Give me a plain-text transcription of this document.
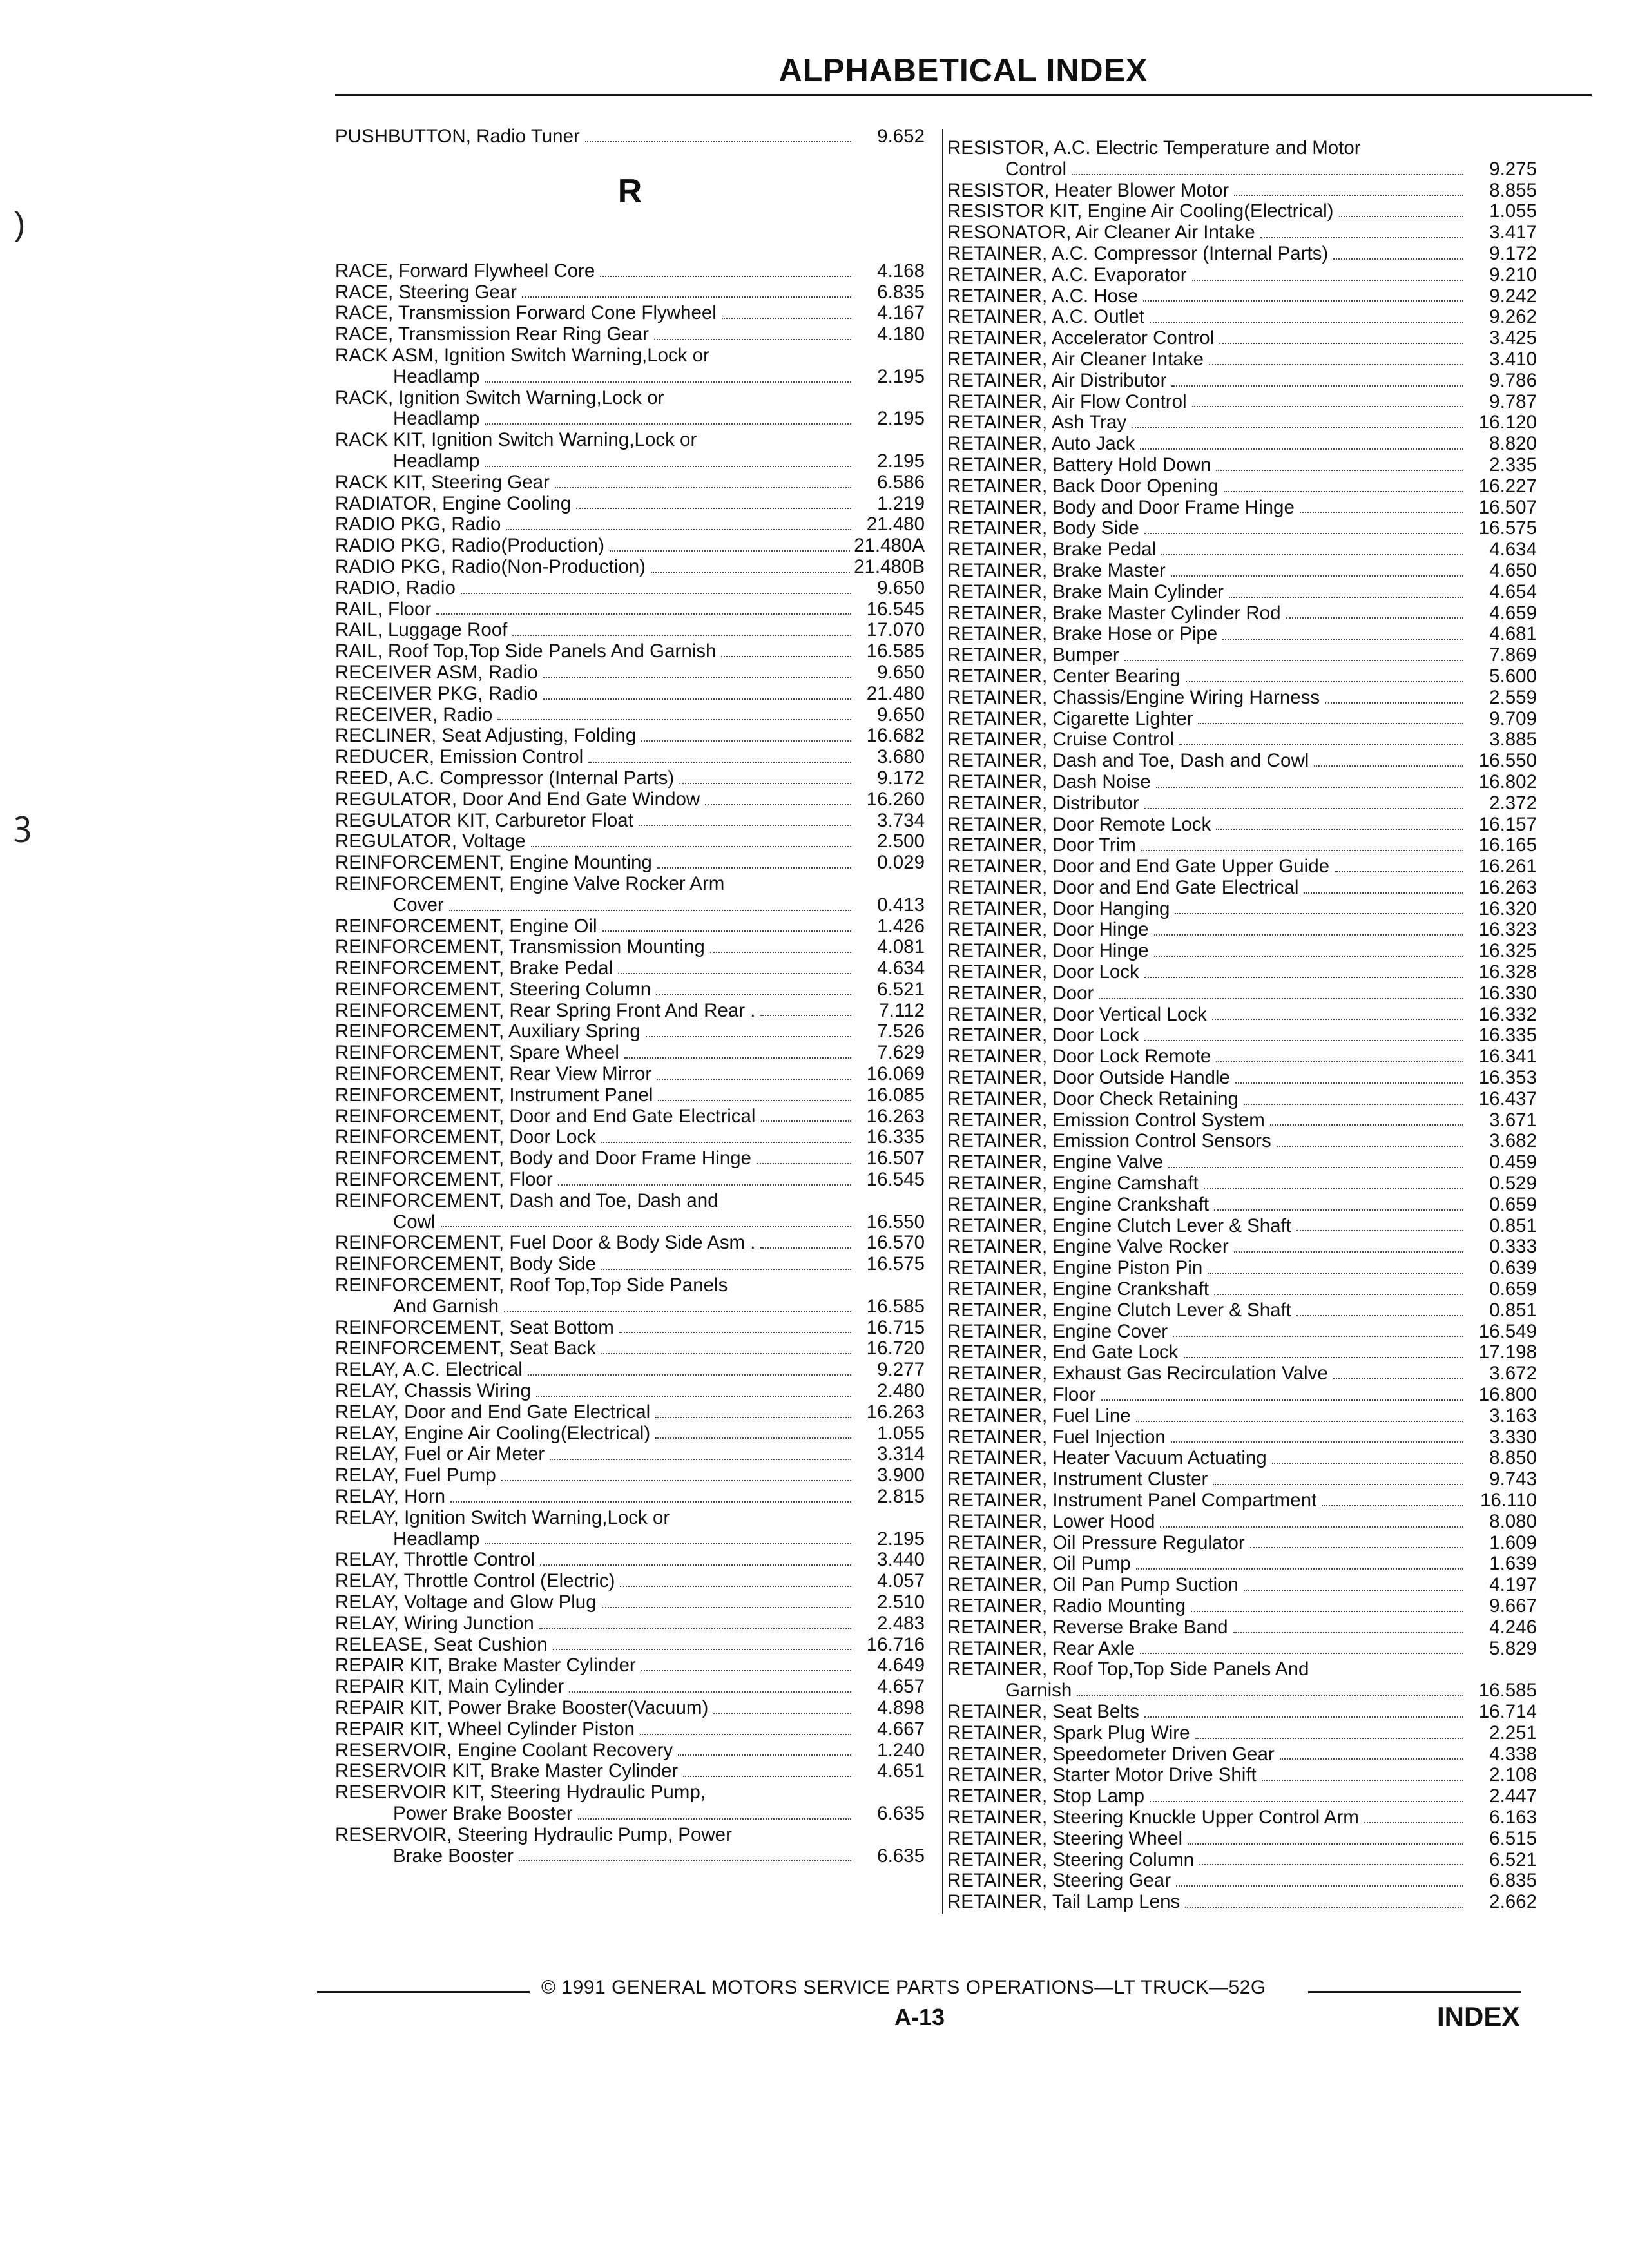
)
ꝫ
ALPHABETICAL INDEX
PUSHBUTTON, Radio Tuner	9.652
R
RACE, Forward Flywheel Core	4.168
RACE, Steering Gear	6.835
RACE, Transmission Forward Cone Flywheel	4.167
RACE, Transmission Rear Ring Gear	4.180
RACK ASM, Ignition Switch Warning,Lock or
Headlamp	2.195
RACK, Ignition Switch Warning,Lock or
Headlamp	2.195
RACK KIT, Ignition Switch Warning,Lock or
Headlamp	2.195
RACK KIT, Steering Gear	6.586
RADIATOR, Engine Cooling	1.219
RADIO PKG, Radio	21.480
RADIO PKG, Radio(Production)	21.480A
RADIO PKG, Radio(Non-Production)	21.480B
RADIO, Radio	9.650
RAIL, Floor	16.545
RAIL, Luggage Roof	17.070
RAIL, Roof Top,Top Side Panels And Garnish	16.585
RECEIVER ASM, Radio	9.650
RECEIVER PKG, Radio	21.480
RECEIVER, Radio	9.650
RECLINER, Seat Adjusting, Folding	16.682
REDUCER, Emission Control	3.680
REED, A.C. Compressor (Internal Parts)	9.172
REGULATOR, Door And End Gate Window	16.260
REGULATOR KIT, Carburetor Float	3.734
REGULATOR, Voltage	2.500
REINFORCEMENT, Engine Mounting	0.029
REINFORCEMENT, Engine Valve Rocker Arm
Cover	0.413
REINFORCEMENT, Engine Oil	1.426
REINFORCEMENT, Transmission Mounting	4.081
REINFORCEMENT, Brake Pedal	4.634
REINFORCEMENT, Steering Column	6.521
REINFORCEMENT, Rear Spring Front And Rear .	7.112
REINFORCEMENT, Auxiliary Spring	7.526
REINFORCEMENT, Spare Wheel	7.629
REINFORCEMENT, Rear View Mirror	16.069
REINFORCEMENT, Instrument Panel	16.085
REINFORCEMENT, Door and End Gate Electrical	16.263
REINFORCEMENT, Door Lock	16.335
REINFORCEMENT, Body and Door Frame Hinge	16.507
REINFORCEMENT, Floor	16.545
REINFORCEMENT, Dash and Toe, Dash and
Cowl	16.550
REINFORCEMENT, Fuel Door & Body Side Asm .	16.570
REINFORCEMENT, Body Side	16.575
REINFORCEMENT, Roof Top,Top Side Panels
And Garnish	16.585
REINFORCEMENT, Seat Bottom	16.715
REINFORCEMENT, Seat Back	16.720
RELAY, A.C. Electrical	9.277
RELAY, Chassis Wiring	2.480
RELAY, Door and End Gate Electrical	16.263
RELAY, Engine Air Cooling(Electrical)	1.055
RELAY, Fuel or Air Meter	3.314
RELAY, Fuel Pump	3.900
RELAY, Horn	2.815
RELAY, Ignition Switch Warning,Lock or
Headlamp	2.195
RELAY, Throttle Control	3.440
RELAY, Throttle Control (Electric)	4.057
RELAY, Voltage and Glow Plug	2.510
RELAY, Wiring Junction	2.483
RELEASE, Seat Cushion	16.716
REPAIR KIT, Brake Master Cylinder	4.649
REPAIR KIT, Main Cylinder	4.657
REPAIR KIT, Power Brake Booster(Vacuum)	4.898
REPAIR KIT, Wheel Cylinder Piston	4.667
RESERVOIR, Engine Coolant Recovery	1.240
RESERVOIR KIT, Brake Master Cylinder	4.651
RESERVOIR KIT, Steering Hydraulic Pump,
Power Brake Booster	6.635
RESERVOIR, Steering Hydraulic Pump, Power
Brake Booster	6.635
RESISTOR, A.C. Electric Temperature and Motor
Control	9.275
RESISTOR, Heater Blower Motor	8.855
RESISTOR KIT, Engine Air Cooling(Electrical)	1.055
RESONATOR, Air Cleaner Air Intake	3.417
RETAINER, A.C. Compressor (Internal Parts)	9.172
RETAINER, A.C. Evaporator	9.210
RETAINER, A.C. Hose	9.242
RETAINER, A.C. Outlet	9.262
RETAINER, Accelerator Control	3.425
RETAINER, Air Cleaner Intake	3.410
RETAINER, Air Distributor	9.786
RETAINER, Air Flow Control	9.787
RETAINER, Ash Tray	16.120
RETAINER, Auto Jack	8.820
RETAINER, Battery Hold Down	2.335
RETAINER, Back Door Opening	16.227
RETAINER, Body and Door Frame Hinge	16.507
RETAINER, Body Side	16.575
RETAINER, Brake Pedal	4.634
RETAINER, Brake Master	4.650
RETAINER, Brake Main Cylinder	4.654
RETAINER, Brake Master Cylinder Rod	4.659
RETAINER, Brake Hose or Pipe	4.681
RETAINER, Bumper	7.869
RETAINER, Center Bearing	5.600
RETAINER, Chassis/Engine Wiring Harness	2.559
RETAINER, Cigarette Lighter	9.709
RETAINER, Cruise Control	3.885
RETAINER, Dash and Toe, Dash and Cowl	16.550
RETAINER, Dash Noise	16.802
RETAINER, Distributor	2.372
RETAINER, Door Remote Lock	16.157
RETAINER, Door Trim	16.165
RETAINER, Door and End Gate Upper Guide	16.261
RETAINER, Door and End Gate Electrical	16.263
RETAINER, Door Hanging	16.320
RETAINER, Door Hinge	16.323
RETAINER, Door Hinge	16.325
RETAINER, Door Lock	16.328
RETAINER, Door	16.330
RETAINER, Door Vertical Lock	16.332
RETAINER, Door Lock	16.335
RETAINER, Door Lock Remote	16.341
RETAINER, Door Outside Handle	16.353
RETAINER, Door Check Retaining	16.437
RETAINER, Emission Control System	3.671
RETAINER, Emission Control Sensors	3.682
RETAINER, Engine Valve	0.459
RETAINER, Engine Camshaft	0.529
RETAINER, Engine Crankshaft	0.659
RETAINER, Engine Clutch Lever & Shaft	0.851
RETAINER, Engine Valve Rocker	0.333
RETAINER, Engine Piston Pin	0.639
RETAINER, Engine Crankshaft	0.659
RETAINER, Engine Clutch Lever & Shaft	0.851
RETAINER, Engine Cover	16.549
RETAINER, End Gate Lock	17.198
RETAINER, Exhaust Gas Recirculation Valve	3.672
RETAINER, Floor	16.800
RETAINER, Fuel Line	3.163
RETAINER, Fuel Injection	3.330
RETAINER, Heater Vacuum Actuating	8.850
RETAINER, Instrument Cluster	9.743
RETAINER, Instrument Panel Compartment	16.110
RETAINER, Lower Hood	8.080
RETAINER, Oil Pressure Regulator	1.609
RETAINER, Oil Pump	1.639
RETAINER, Oil Pan Pump Suction	4.197
RETAINER, Radio Mounting	9.667
RETAINER, Reverse Brake Band	4.246
RETAINER, Rear Axle	5.829
RETAINER, Roof Top,Top Side Panels And
Garnish	16.585
RETAINER, Seat Belts	16.714
RETAINER, Spark Plug Wire	2.251
RETAINER, Speedometer Driven Gear	4.338
RETAINER, Starter Motor Drive Shift	2.108
RETAINER, Stop Lamp	2.447
RETAINER, Steering Knuckle Upper Control Arm	6.163
RETAINER, Steering Wheel	6.515
RETAINER, Steering Column	6.521
RETAINER, Steering Gear	6.835
RETAINER, Tail Lamp Lens	2.662
© 1991 GENERAL MOTORS SERVICE PARTS OPERATIONS—LT TRUCK—52G
A-13	INDEX
